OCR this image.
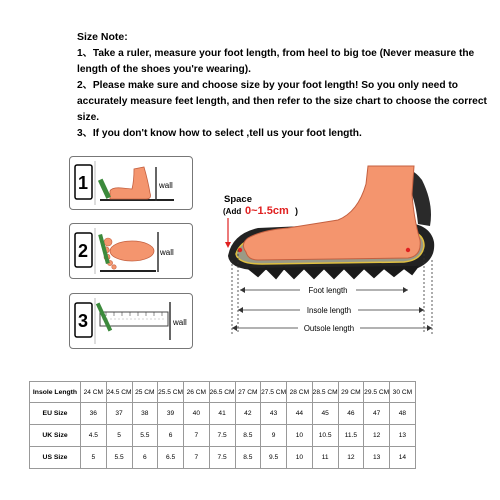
Size Note:

1、Take a ruler, measure your foot length, from heel to big toe (Never measure the length of the shoes you're wearing).

2、Please make sure and choose size by your foot length! So you only need to accurately measure feet length, and then refer to the size chart to choose the correct size.

3、If you don't know how to select ,tell us your foot length.

1	wall
2	wall
3	wall
Space
(Add 0~1.5cm )
Foot length
Insole length
Outsole length
Insole Length	24 CM	24.5 CM	25 CM	25.5 CM	26 CM	26.5 CM	27 CM	27.5 CM	28 CM	28.5 CM	29 CM	29.5 CM	30 CM
EU Size	36	37	38	39	40	41	42	43	44	45	46	47	48
UK Size	4.5	5	5.5	6	7	7.5	8.5	9	10	10.5	11.5	12	13
US Size	5	5.5	6	6.5	7	7.5	8.5	9.5	10	11	12	13	14
